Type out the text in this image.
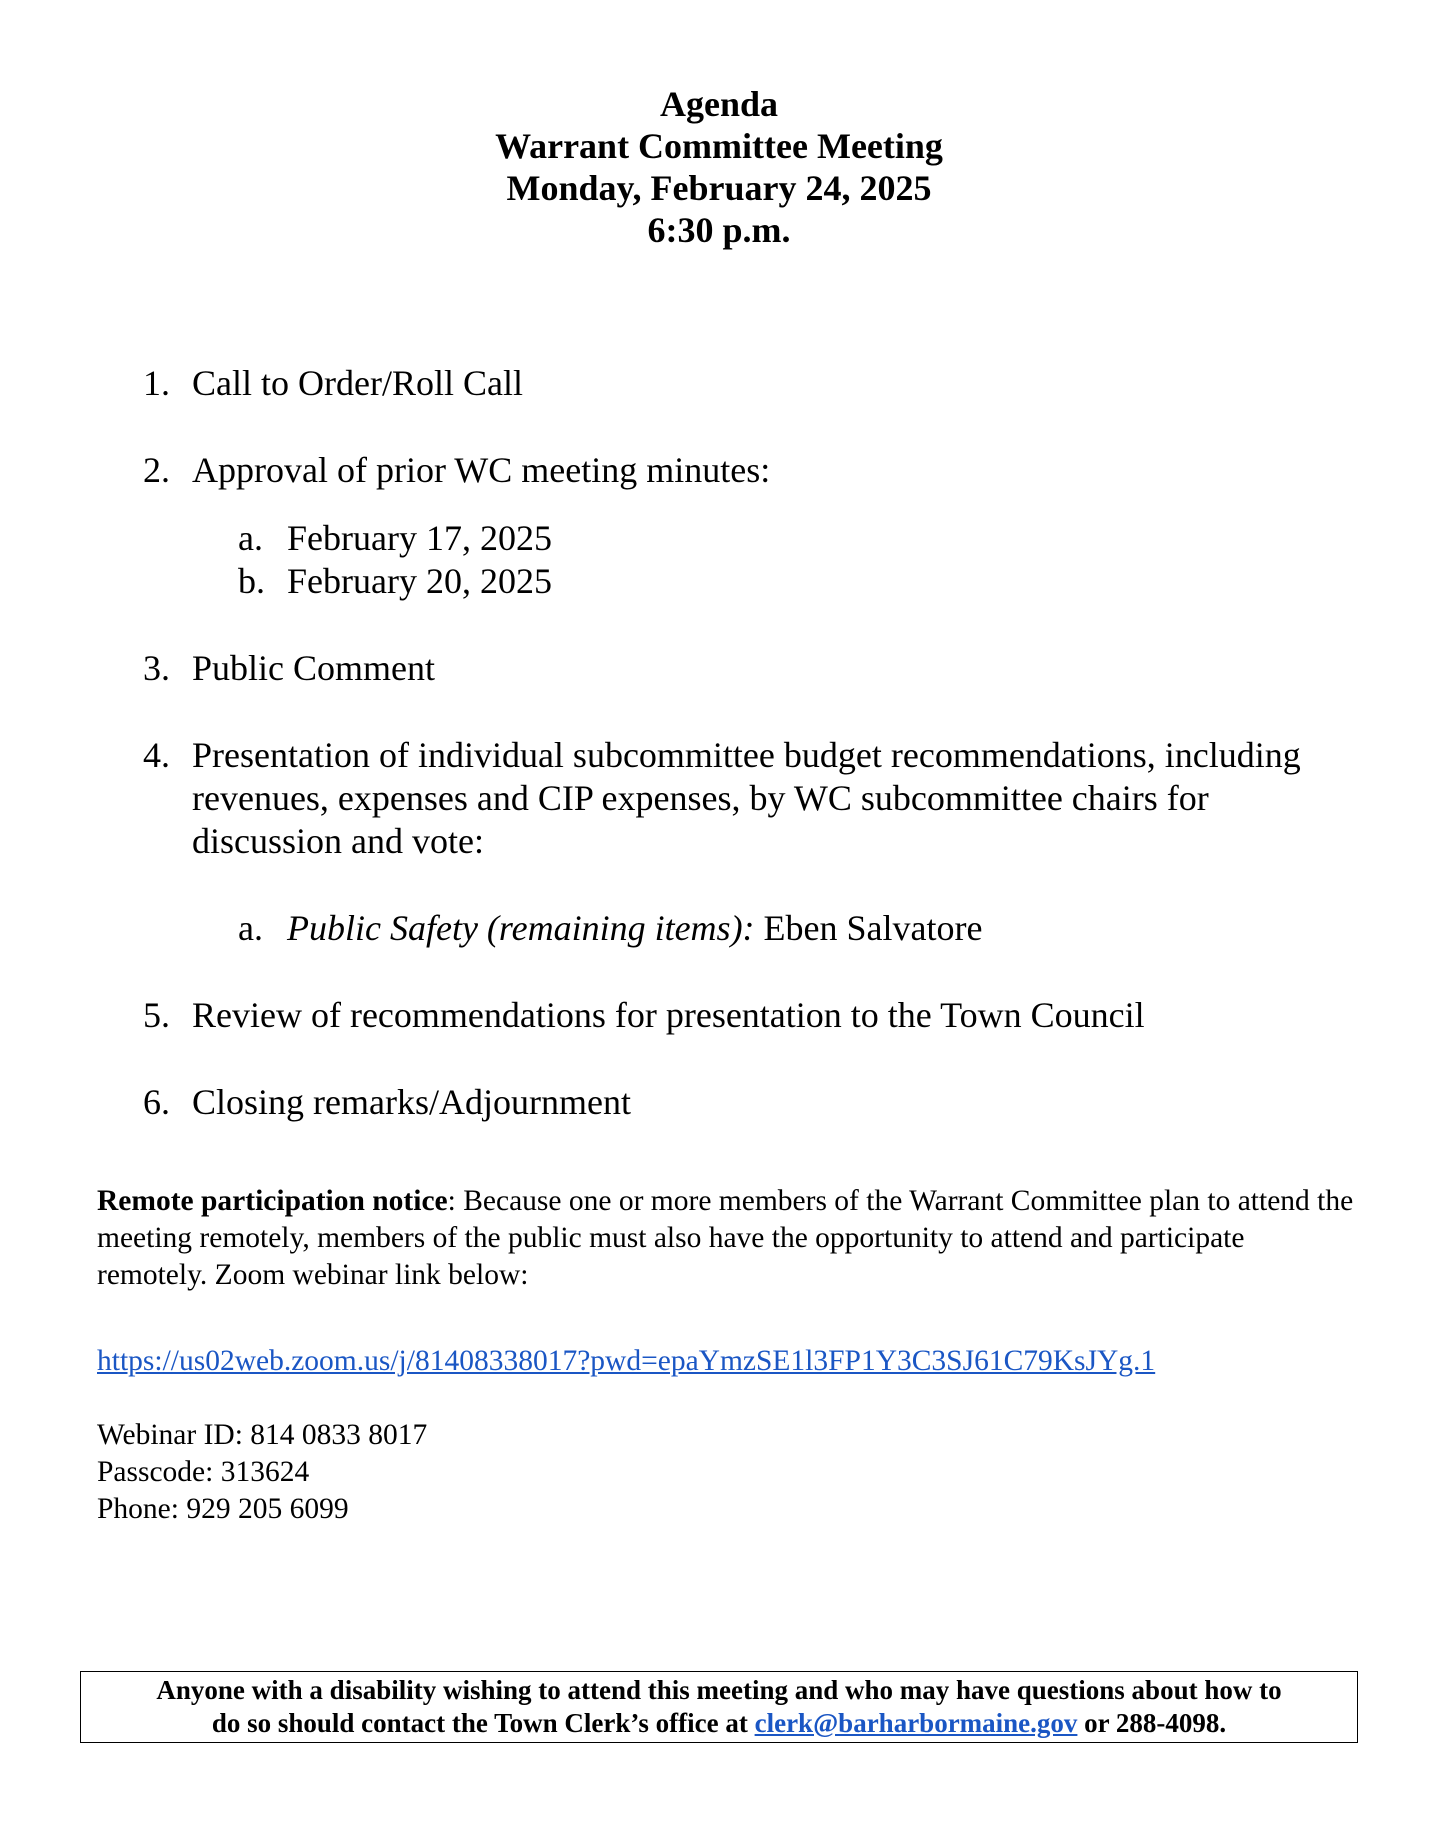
Agenda
Warrant Committee Meeting
Monday, February 24, 2025
6:30 p.m.
1. Call to Order/Roll Call
2. Approval of prior WC meeting minutes:
a. February 17, 2025
b. February 20, 2025
3. Public Comment
4. Presentation of individual subcommittee budget recommendations, including revenues, expenses and CIP expenses, by WC subcommittee chairs for discussion and vote:
a. Public Safety (remaining items): Eben Salvatore
5. Review of recommendations for presentation to the Town Council
6. Closing remarks/Adjournment
Remote participation notice: Because one or more members of the Warrant Committee plan to attend the meeting remotely, members of the public must also have the opportunity to attend and participate remotely. Zoom webinar link below:
https://us02web.zoom.us/j/81408338017?pwd=epaYmzSE1l3FP1Y3C3SJ61C79KsJYg.1
Webinar ID: 814 0833 8017
Passcode: 313624
Phone: 929 205 6099
Anyone with a disability wishing to attend this meeting and who may have questions about how to
do so should contact the Town Clerk’s office at clerk@barharbormaine.gov or 288-4098.
